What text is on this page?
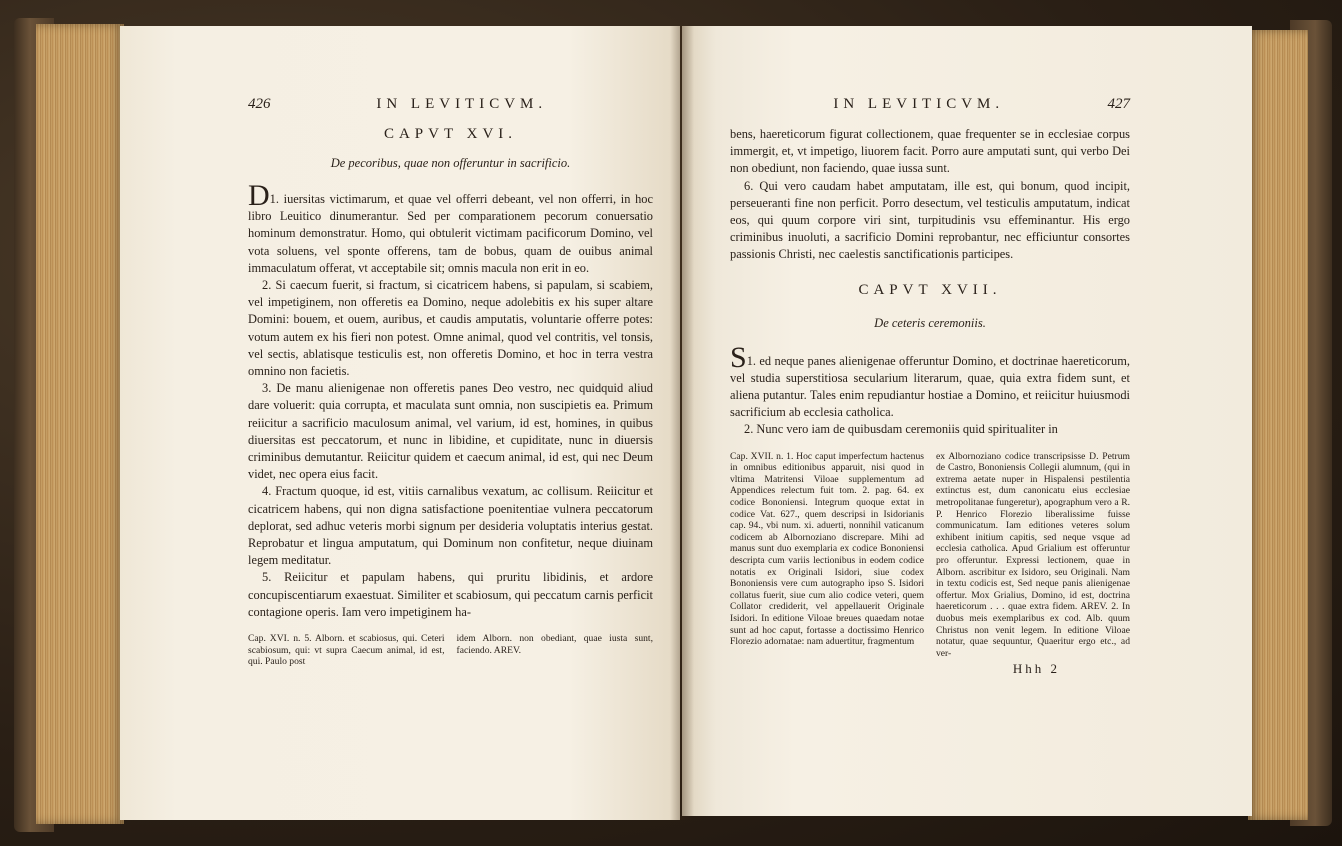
426	IN LEVITICVM.
CAPVT XVI.
De pecoribus, quae non offeruntur in sacrificio.

D1. iuersitas victimarum, et quae vel offerri debeant, vel non offerri, in hoc libro Leuitico dinumerantur. Sed per comparationem pecorum conuersatio hominum demonstratur. Homo, qui obtulerit victimam pacificorum Domino, vel vota soluens, vel sponte offerens, tam de bobus, quam de ouibus animal immaculatum offerat, vt acceptabile sit; omnis macula non erit in eo.

2. Si caecum fuerit, si fractum, si cicatricem habens, si papulam, si scabiem, vel impetiginem, non offeretis ea Domino, neque adolebitis ex his super altare Domini: bouem, et ouem, auribus, et caudis amputatis, voluntarie offerre potes: votum autem ex his fieri non potest. Omne animal, quod vel contritis, vel tonsis, vel sectis, ablatisque testiculis est, non offeretis Domino, et hoc in terra vestra omnino non facietis.

3. De manu alienigenae non offeretis panes Deo vestro, nec quidquid aliud dare voluerit: quia corrupta, et maculata sunt omnia, non suscipietis ea. Primum reiicitur a sacrificio maculosum animal, vel varium, id est, homines, in quibus diuersitas est peccatorum, et nunc in libidine, et cupiditate, nunc in diuersis criminibus demutantur. Reiicitur quidem et caecum animal, id est, qui nec Deum videt, nec opera eius facit.

4. Fractum quoque, id est, vitiis carnalibus vexatum, ac collisum. Reiicitur et cicatricem habens, qui non digna satisfactione poenitentiae vulnera peccatorum deplorat, sed adhuc veteris morbi signum per desideria voluptatis interius gestat. Reprobatur et lingua amputatum, qui Dominum non confitetur, neque diuinam legem meditatur.

5. Reiicitur et papulam habens, qui pruritu libidinis, et ardore concupiscentiarum exaestuat. Similiter et scabiosum, qui peccatum carnis perficit contagione operis. Iam vero impetiginem ha-

Cap. XVI. n. 5. Alborn. et scabiosus, qui. Ceteri scabiosum, qui: vt supra Caecum animal, id est, qui. Paulo post
idem Alborn. non obediant, quae iusta sunt, faciendo. AREV.
IN LEVITICVM.	427

bens, haereticorum figurat collectionem, quae frequenter se in ecclesiae corpus immergit, et, vt impetigo, liuorem facit. Porro aure amputati sunt, qui verbo Dei non obediunt, non faciendo, quae iussa sunt.

6. Qui vero caudam habet amputatam, ille est, qui bonum, quod incipit, perseueranti fine non perficit. Porro desectum, vel testiculis amputatum, indicat eos, qui quum corpore viri sint, turpitudinis vsu effeminantur. His ergo criminibus inuoluti, a sacrificio Domini reprobantur, nec efficiuntur consortes passionis Christi, nec caelestis sanctificationis participes.

CAPVT XVII.
De ceteris ceremoniis.

S1. ed neque panes alienigenae offeruntur Domino, et doctrinae haereticorum, vel studia superstitiosa secularium literarum, quae, quia extra fidem sunt, et aliena putantur. Tales enim repudiantur hostiae a Domino, et reiicitur huiusmodi sacrificium ab ecclesia catholica.

2. Nunc vero iam de quibusdam ceremoniis quid spiritualiter in

Cap. XVII. n. 1. Hoc caput imperfectum hactenus in omnibus editionibus apparuit, nisi quod in vltima Matritensi Viloae supplementum ad Appendices relectum fuit tom. 2. pag. 64. ex codice Bononiensi. Integrum quoque extat in codice Vat. 627., quem descripsi in Isidorianis cap. 94., vbi num. xi. aduerti, nonnihil vaticanum codicem ab Albornoziano discrepare. Mihi ad manus sunt duo exemplaria ex codice Bononiensi descripta cum variis lectionibus in eodem codice notatis ex Originali Isidori, siue codex Bononiensis vere cum autographo ipso S. Isidori collatus fuerit, siue cum alio codice veteri, quem Collator crediderit, vel appellauerit Originale Isidori. In editione Viloae breues quaedam notae sunt ad hoc caput, fortasse a doctissimo Henrico Florezio adornatae: nam aduertitur, fragmentum
ex Albornoziano codice transcripsisse D. Petrum de Castro, Bononiensis Collegii alumnum, (qui in extrema aetate nuper in Hispalensi pestilentia extinctus est, dum canonicatu eius ecclesiae metropolitanae fungeretur), apographum vero a R. P. Henrico Florezio liberalissime fuisse communicatum. Iam editiones veteres solum exhibent initium capitis, sed neque vsque ad ecclesia catholica. Apud Grialium est offeruntur pro offeruntur. Expressi lectionem, quae in Alborn. ascribitur ex Isidoro, seu Originali. Nam in textu codicis est, Sed neque panis alienigenae offertur. Mox Grialius, Domino, id est, doctrina haereticorum . . . quae extra fidem. AREV. 2. In duobus meis exemplaribus ex cod. Alb. quum Christus non venit legem. In editione Viloae notatur, quae sequuntur, Quaeritur ergo etc., ad ver-
Hhh 2
